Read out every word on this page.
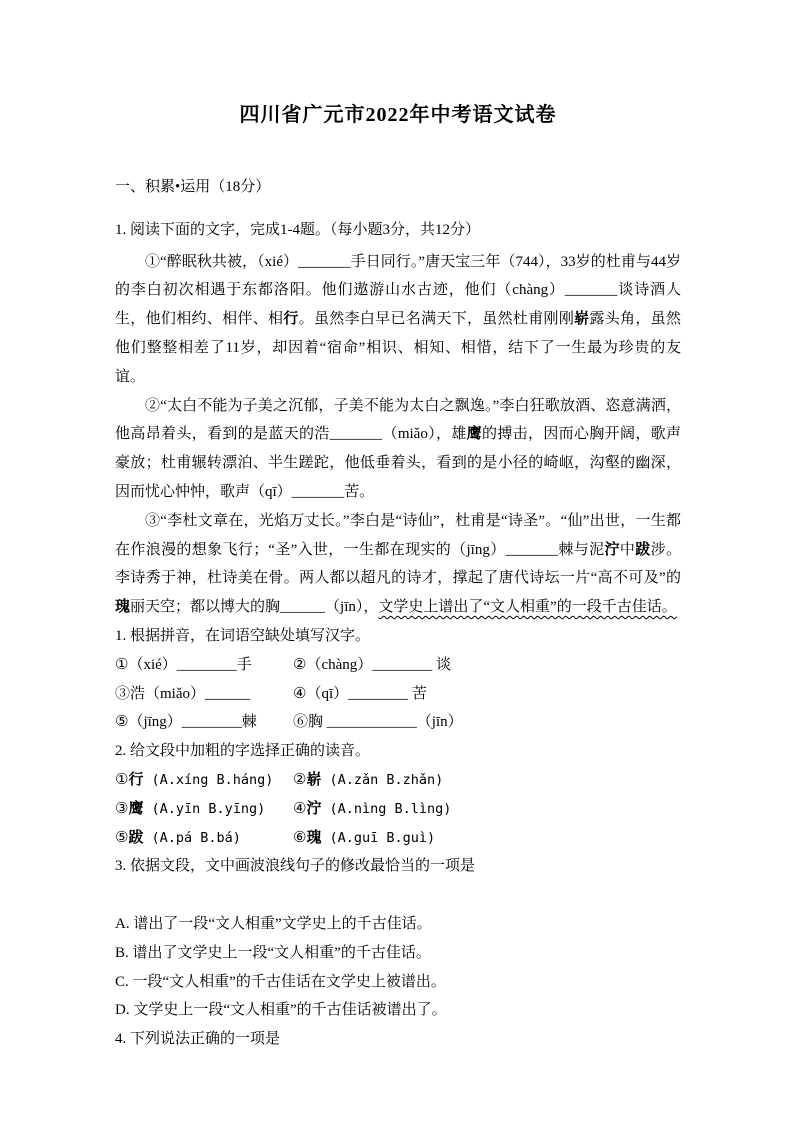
四川省广元市2022年中考语文试卷
一、积累•运用（18分）
1. 阅读下面的文字，完成1-4题。（每小题3分，共12分）

①“醉眠秋共被，（xié）_______手日同行。”唐天宝三年（744），33岁的杜甫与44岁的李白初次相遇于东都洛阳。他们遨游山水古迹，他们（chàng）_______谈诗酒人生，他们相约、相伴、相行。虽然李白早已名满天下，虽然杜甫刚刚崭露头角，虽然他们整整相差了11岁，却因着“宿命”相识、相知、相惜，结下了一生最为珍贵的友谊。

②“太白不能为子美之沉郁，子美不能为太白之飘逸。”李白狂歌放酒、恣意满洒，他高昂着头，看到的是蓝天的浩_______（miǎo），雄鹰的搏击，因而心胸开阔，歌声豪放；杜甫辗转漂泊、半生蹉跎，他低垂着头，看到的是小径的崎岖，沟壑的幽深，因而忧心忡忡，歌声（qī）_______苦。

③“李杜文章在，光焰万丈长。”李白是“诗仙”，杜甫是“诗圣”。“仙”出世，一生都在作浪漫的想象飞行；“圣”入世，一生都在现实的（jīng）_______棘与泥泞中跋涉。李诗秀于神，杜诗美在骨。两人都以超凡的诗才，撑起了唐代诗坛一片“高不可及”的瑰丽天空；都以博大的胸______（jīn），文学史上谱出了“文人相重”的一段千古佳话。

1. 根据拼音，在词语空缺处填写汉字。
①（xié）________手	②（chàng）________ 谈
③浩（miǎo）______	④（qī）________ 苦
⑤（jīng）________棘 ⑥胸 ____________（jīn）
2. 给文段中加粗的字选择正确的读音。
①行 (A.xíng B.háng) ②崭 (A.zǎn B.zhǎn)
③鹰 (A.yīn B.yīng) ④泞 (A.nìng B.lìng)
⑤跋 (A.pá B.bá)	⑥瑰 (A.guī B.guì)
3. 依据文段，文中画波浪线句子的修改最恰当的一项是
A. 谱出了一段“文人相重”文学史上的千古佳话。
B. 谱出了文学史上一段“文人相重”的千古佳话。
C. 一段“文人相重”的千古佳话在文学史上被谱出。
D. 文学史上一段“文人相重”的千古佳话被谱出了。
4. 下列说法正确的一项是
